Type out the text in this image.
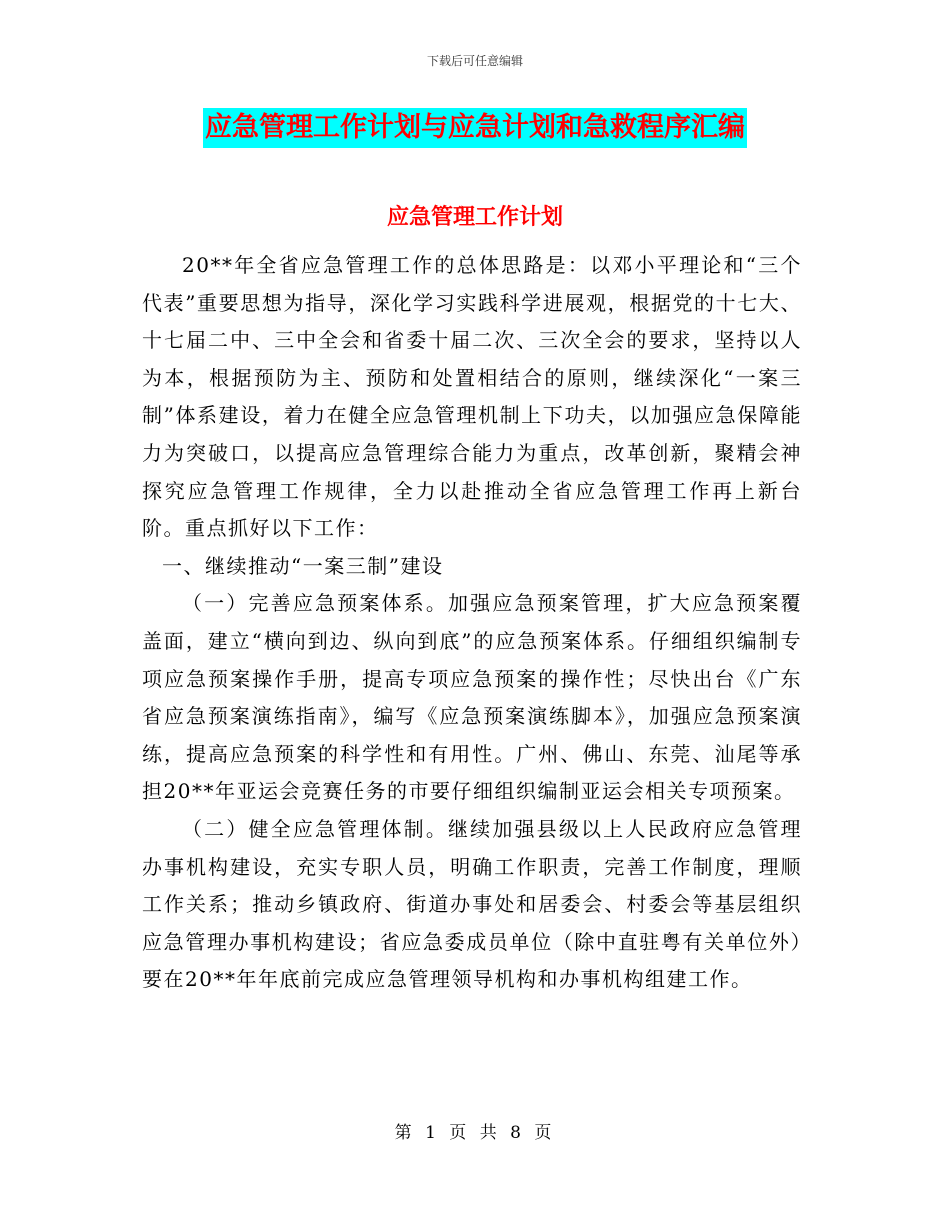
下载后可任意编辑
应急管理工作计划与应急计划和急救程序汇编
应急管理工作计划

20**年全省应急管理工作的总体思路是：以邓小平理论和“三个代表”重要思想为指导，深化学习实践科学进展观，根据党的十七大、十七届二中、三中全会和省委十届二次、三次全会的要求，坚持以人为本，根据预防为主、预防和处置相结合的原则，继续深化“一案三制”体系建设，着力在健全应急管理机制上下功夫，以加强应急保障能力为突破口，以提高应急管理综合能力为重点，改革创新，聚精会神探究应急管理工作规律，全力以赴推动全省应急管理工作再上新台阶。重点抓好以下工作：

一、继续推动“一案三制”建设

（一）完善应急预案体系。加强应急预案管理，扩大应急预案覆盖面，建立“横向到边、纵向到底”的应急预案体系。仔细组织编制专项应急预案操作手册，提高专项应急预案的操作性；尽快出台《广东省应急预案演练指南》，编写《应急预案演练脚本》，加强应急预案演练，提高应急预案的科学性和有用性。广州、佛山、东莞、汕尾等承担20**年亚运会竞赛任务的市要仔细组织编制亚运会相关专项预案。

（二）健全应急管理体制。继续加强县级以上人民政府应急管理办事机构建设，充实专职人员，明确工作职责，完善工作制度，理顺工作关系；推动乡镇政府、街道办事处和居委会、村委会等基层组织应急管理办事机构建设；省应急委成员单位（除中直驻粤有关单位外）要在20**年年底前完成应急管理领导机构和办事机构组建工作。

第 1 页 共 8 页
